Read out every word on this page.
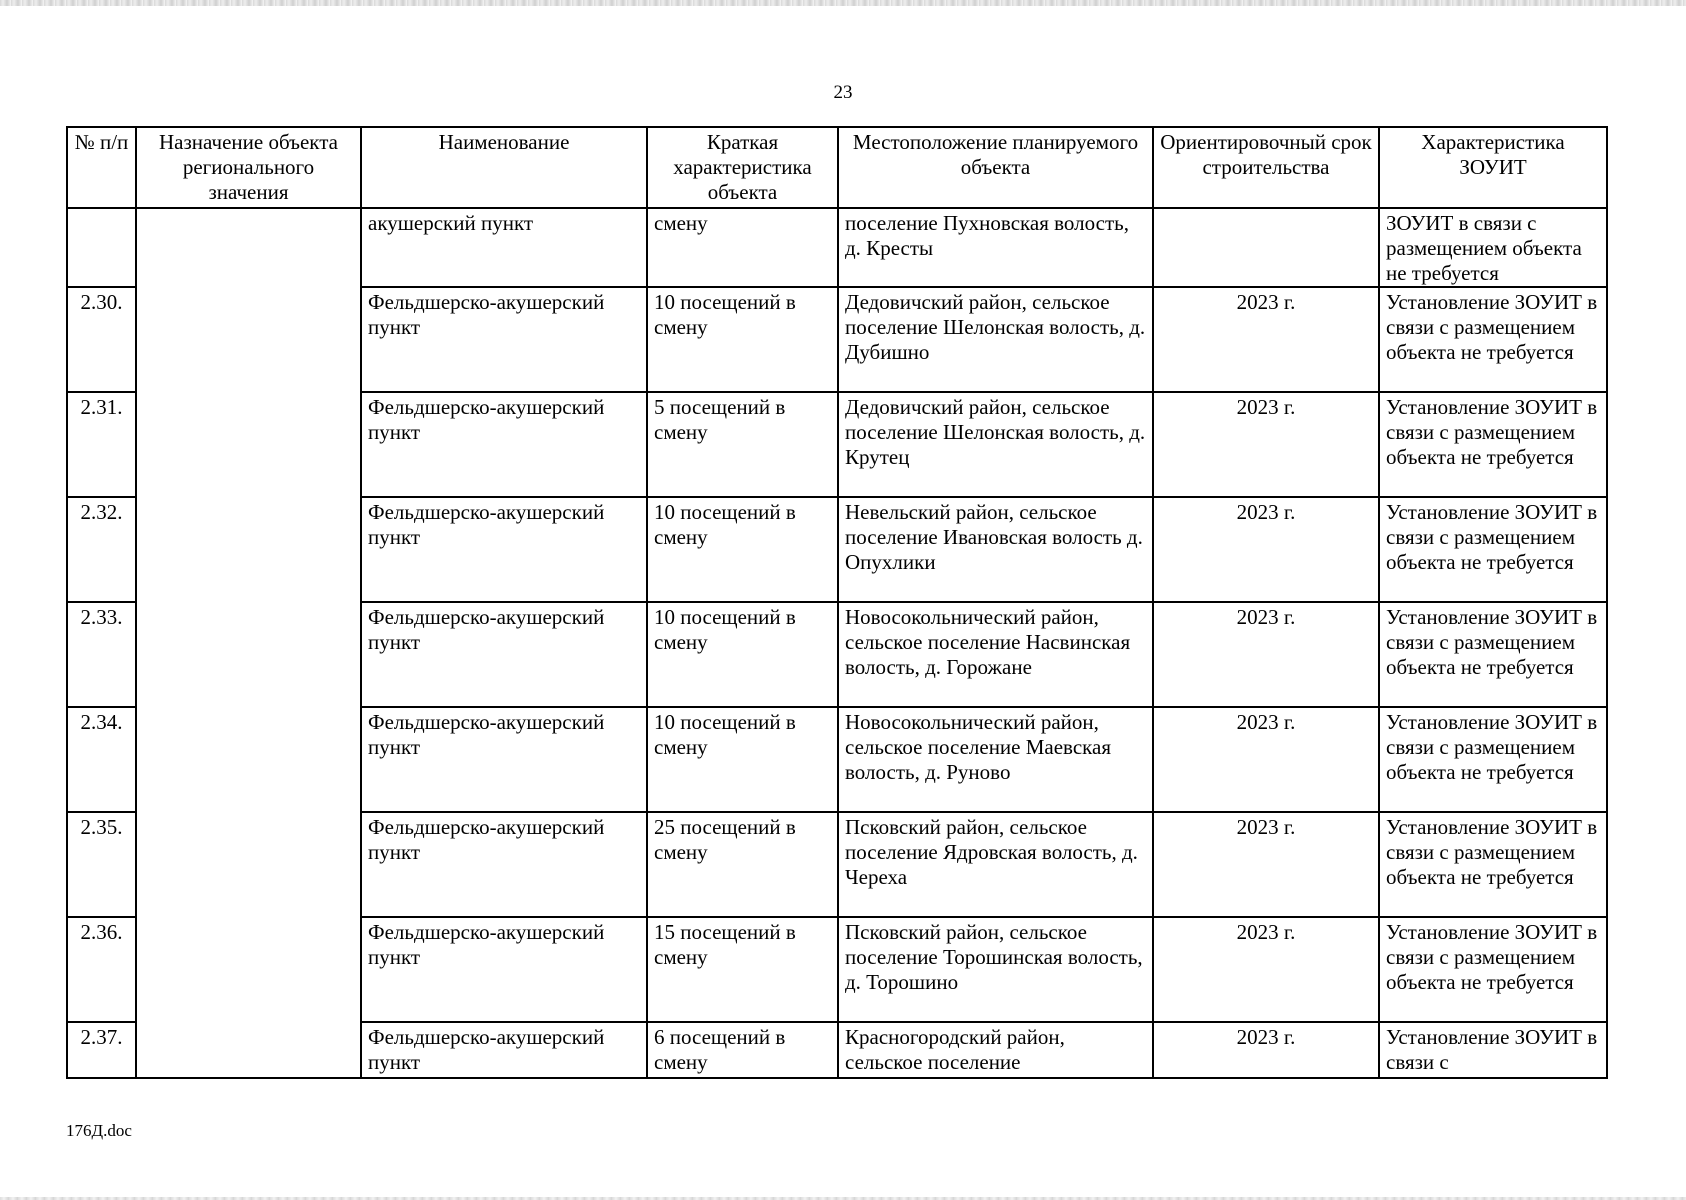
23
№ п/п	Назначение объекта регионального значения	Наименование	Краткая характеристика объекта	Местоположение планируемого объекта	Ориентировочный срок строительства	Характеристика ЗОУИТ
		акушерский пункт	смену	поселение Пухновская волость, д. Кресты		ЗОУИТ в связи с размещением объекта не требуется
2.30.		Фельдшерско-акушерский пункт	10 посещений в смену	Дедовичский район, сельское поселение Шелонская волость, д. Дубишно	2023 г.	Установление ЗОУИТ в связи с размещением объекта не требуется
2.31.		Фельдшерско-акушерский пункт	5 посещений в смену	Дедовичский район, сельское поселение Шелонская волость, д. Крутец	2023 г.	Установление ЗОУИТ в связи с размещением объекта не требуется
2.32.		Фельдшерско-акушерский пункт	10 посещений в смену	Невельский район, сельское поселение Ивановская волость д. Опухлики	2023 г.	Установление ЗОУИТ в связи с размещением объекта не требуется
2.33.		Фельдшерско-акушерский пункт	10 посещений в смену	Новосокольнический район, сельское поселение Насвинская волость, д. Горожане	2023 г.	Установление ЗОУИТ в связи с размещением объекта не требуется
2.34.		Фельдшерско-акушерский пункт	10 посещений в смену	Новосокольнический район, сельское поселение Маевская волость, д. Руново	2023 г.	Установление ЗОУИТ в связи с размещением объекта не требуется
2.35.		Фельдшерско-акушерский пункт	25 посещений в смену	Псковский район, сельское поселение Ядровская волость, д. Череха	2023 г.	Установление ЗОУИТ в связи с размещением объекта не требуется
2.36.		Фельдшерско-акушерский пункт	15 посещений в смену	Псковский район, сельское поселение Торошинская волость, д. Торошино	2023 г.	Установление ЗОУИТ в связи с размещением объекта не требуется
2.37.		Фельдшерско-акушерский пункт	6 посещений в смену	Красногородский район, сельское поселение	2023 г.	Установление ЗОУИТ в связи с
176Д.doc
